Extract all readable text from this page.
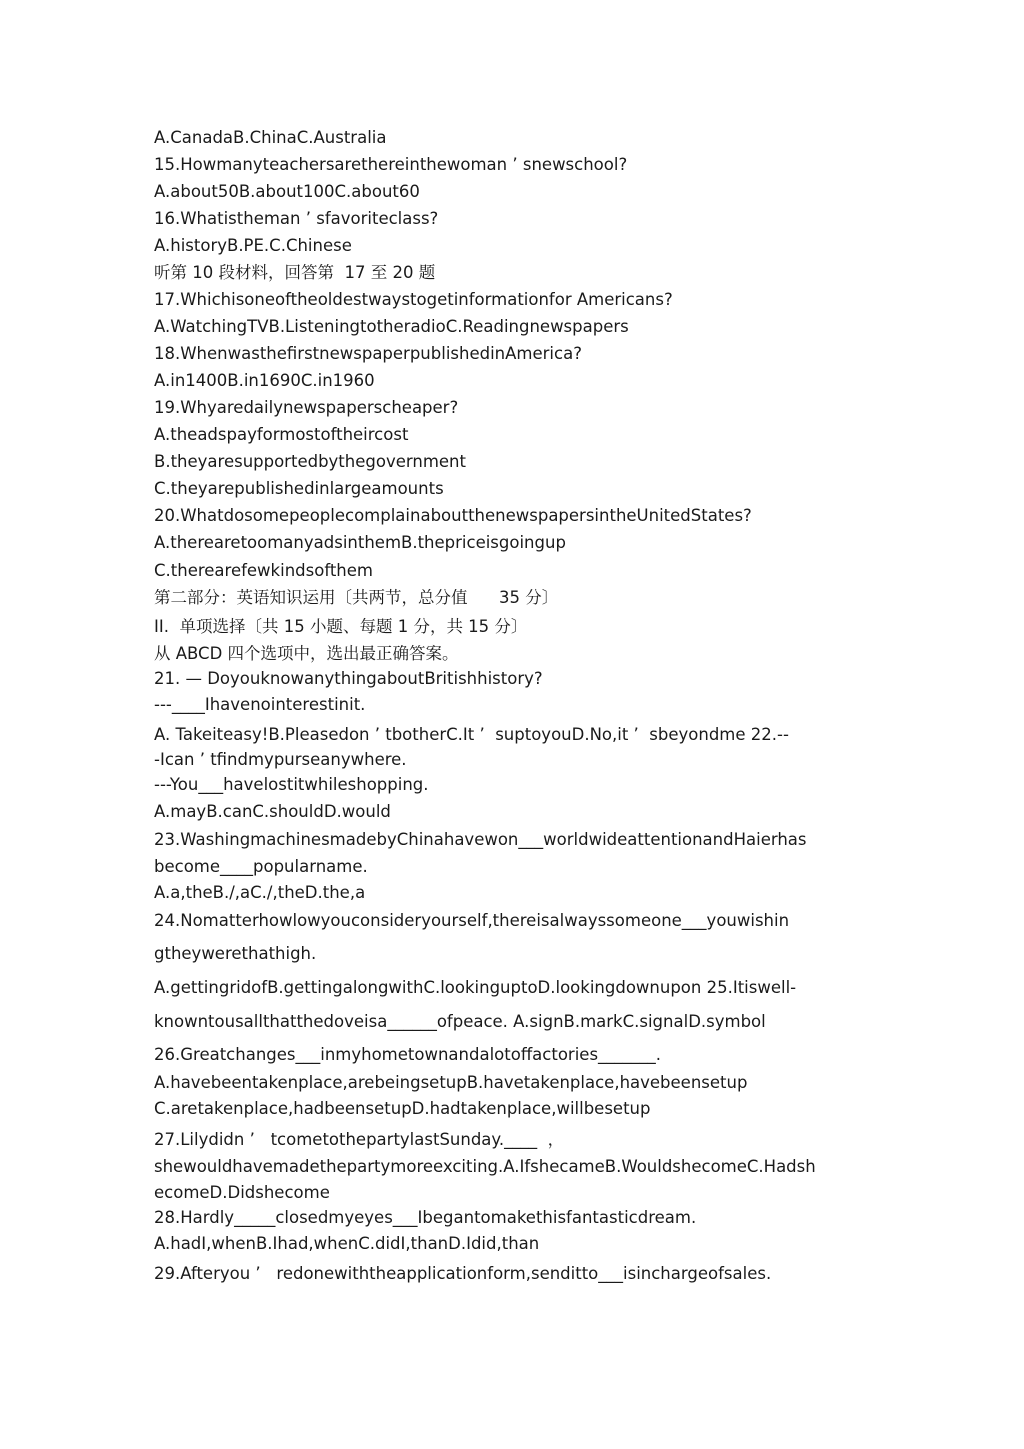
A.CanadaB.ChinaC.Australia
15.Howmanyteachersarethereinthewoman ’ snewschool?
A.about50B.about100C.about60
16.Whatistheman ’ sfavoriteclass?
A.historyB.PE.C.Chinese
听第 10 段材料，回答第  17 至 20 题
17.Whichisoneoftheoldestwaystogetinformationfor Americans?
A.WatchingTVB.ListeningtotheradioC.Readingnewspapers
18.WhenwasthefirstnewspaperpublishedinAmerica?
A.in1400B.in1690C.in1960
19.Whyaredailynewspaperscheaper?
A.theadspayformostoftheircost
B.theyaresupportedbythegovernment
C.theyarepublishedinlargeamounts
20.WhatdosomepeoplecomplainaboutthenewspapersintheUnitedStates?
A.therearetoomanyadsinthemB.thepriceisgoingup
C.therearefewkindsofthem
第二部分：英语知识运用〔共两节，总分值      35 分〕
II.  单项选择〔共 15 小题、每题 1 分，共 15 分〕
从 ABCD 四个选项中，选出最正确答案。
21. — DoyouknowanythingaboutBritishhistory?
---____Ihavenointerestinit.
A. Takeiteasy!B.Pleasedon ’ tbotherC.It ’  suptoyouD.No,it ’  sbeyondme 22.--
-Ican ’ tfindmypurseanywhere.
---You___havelostitwhileshopping.
A.mayB.canC.shouldD.would
23.WashingmachinesmadebyChinahavewon___worldwideattentionandHaierhas
become____popularname.
A.a,theB./,aC./,theD.the,a
24.Nomatterhowlowyouconsideryourself,thereisalwayssomeone___youwishin
gtheywerethathigh.
A.gettingridofB.gettingalongwithC.lookinguptoD.lookingdownupon 25.Itiswell-
knowntousallthatthedoveisa______ofpeace. A.signB.markC.signalD.symbol
26.Greatchanges___inmyhometownandalotoffactories_______.
A.havebeentakenplace,arebeingsetupB.havetakenplace,havebeensetup
C.aretakenplace,hadbeensetupD.hadtakenplace,willbesetup
27.Lilydidn ’   tcometothepartylastSunday.____  ，
shewouldhavemadethepartymoreexciting.A.IfshecameB.WouldshecomeC.Hadsh
ecomeD.Didshecome
28.Hardly_____closedmyeyes___Ibegantomakethisfantasticdream.
A.hadI,whenB.Ihad,whenC.didI,thanD.Idid,than
29.Afteryou ’   redonewiththeapplicationform,senditto___isinchargeofsales.
